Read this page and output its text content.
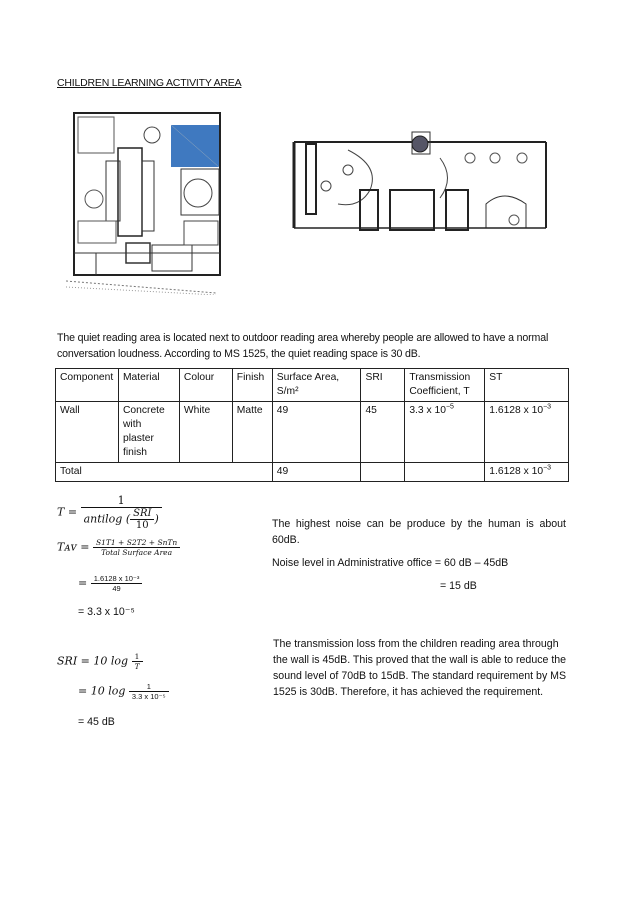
CHILDREN LEARNING ACTIVITY AREA
The quiet reading area is located next to outdoor reading area whereby people are allowed to have a normal conversation loudness. According to MS 1525, the quiet reading space is 30 dB.
Component	Material	Colour	Finish	Surface Area, S/m²	SRI	Transmission Coefficient, T	ST
Wall	Concrete with plaster finish	White	Matte	49	45	3.3 x $10^{-5}$	1.6128 x $10^{-3}$
Total				49			1.6128 x $10^{-3}$
$T = \frac{1}{antilog ( \frac{\text{SRI}}{10} )}$
Tᴀᴠ = $\frac{\text{S1T1 + S2T2 + SnTn}}{\text{Total Surface Area}}$
= $\frac{\text{1.6128 x 10⁻³}}{49}$
= 3.3 x 10⁻⁵
SRI = 10 $\log \frac{1}{T}$
= 10 $\log \frac{1}{\text{3.3 x 10⁻⁵}}$
= 45 dB
The highest noise can be produce by the human is about 60dB.
Noise level in Administrative office = 60 dB – 45dB
= 15 dB
The transmission loss from the children reading area through the wall is 45dB. This proved that the wall is able to reduce the sound level of 70dB to 15dB. The standard requirement by MS 1525 is 30dB. Therefore, it has achieved the requirement.
